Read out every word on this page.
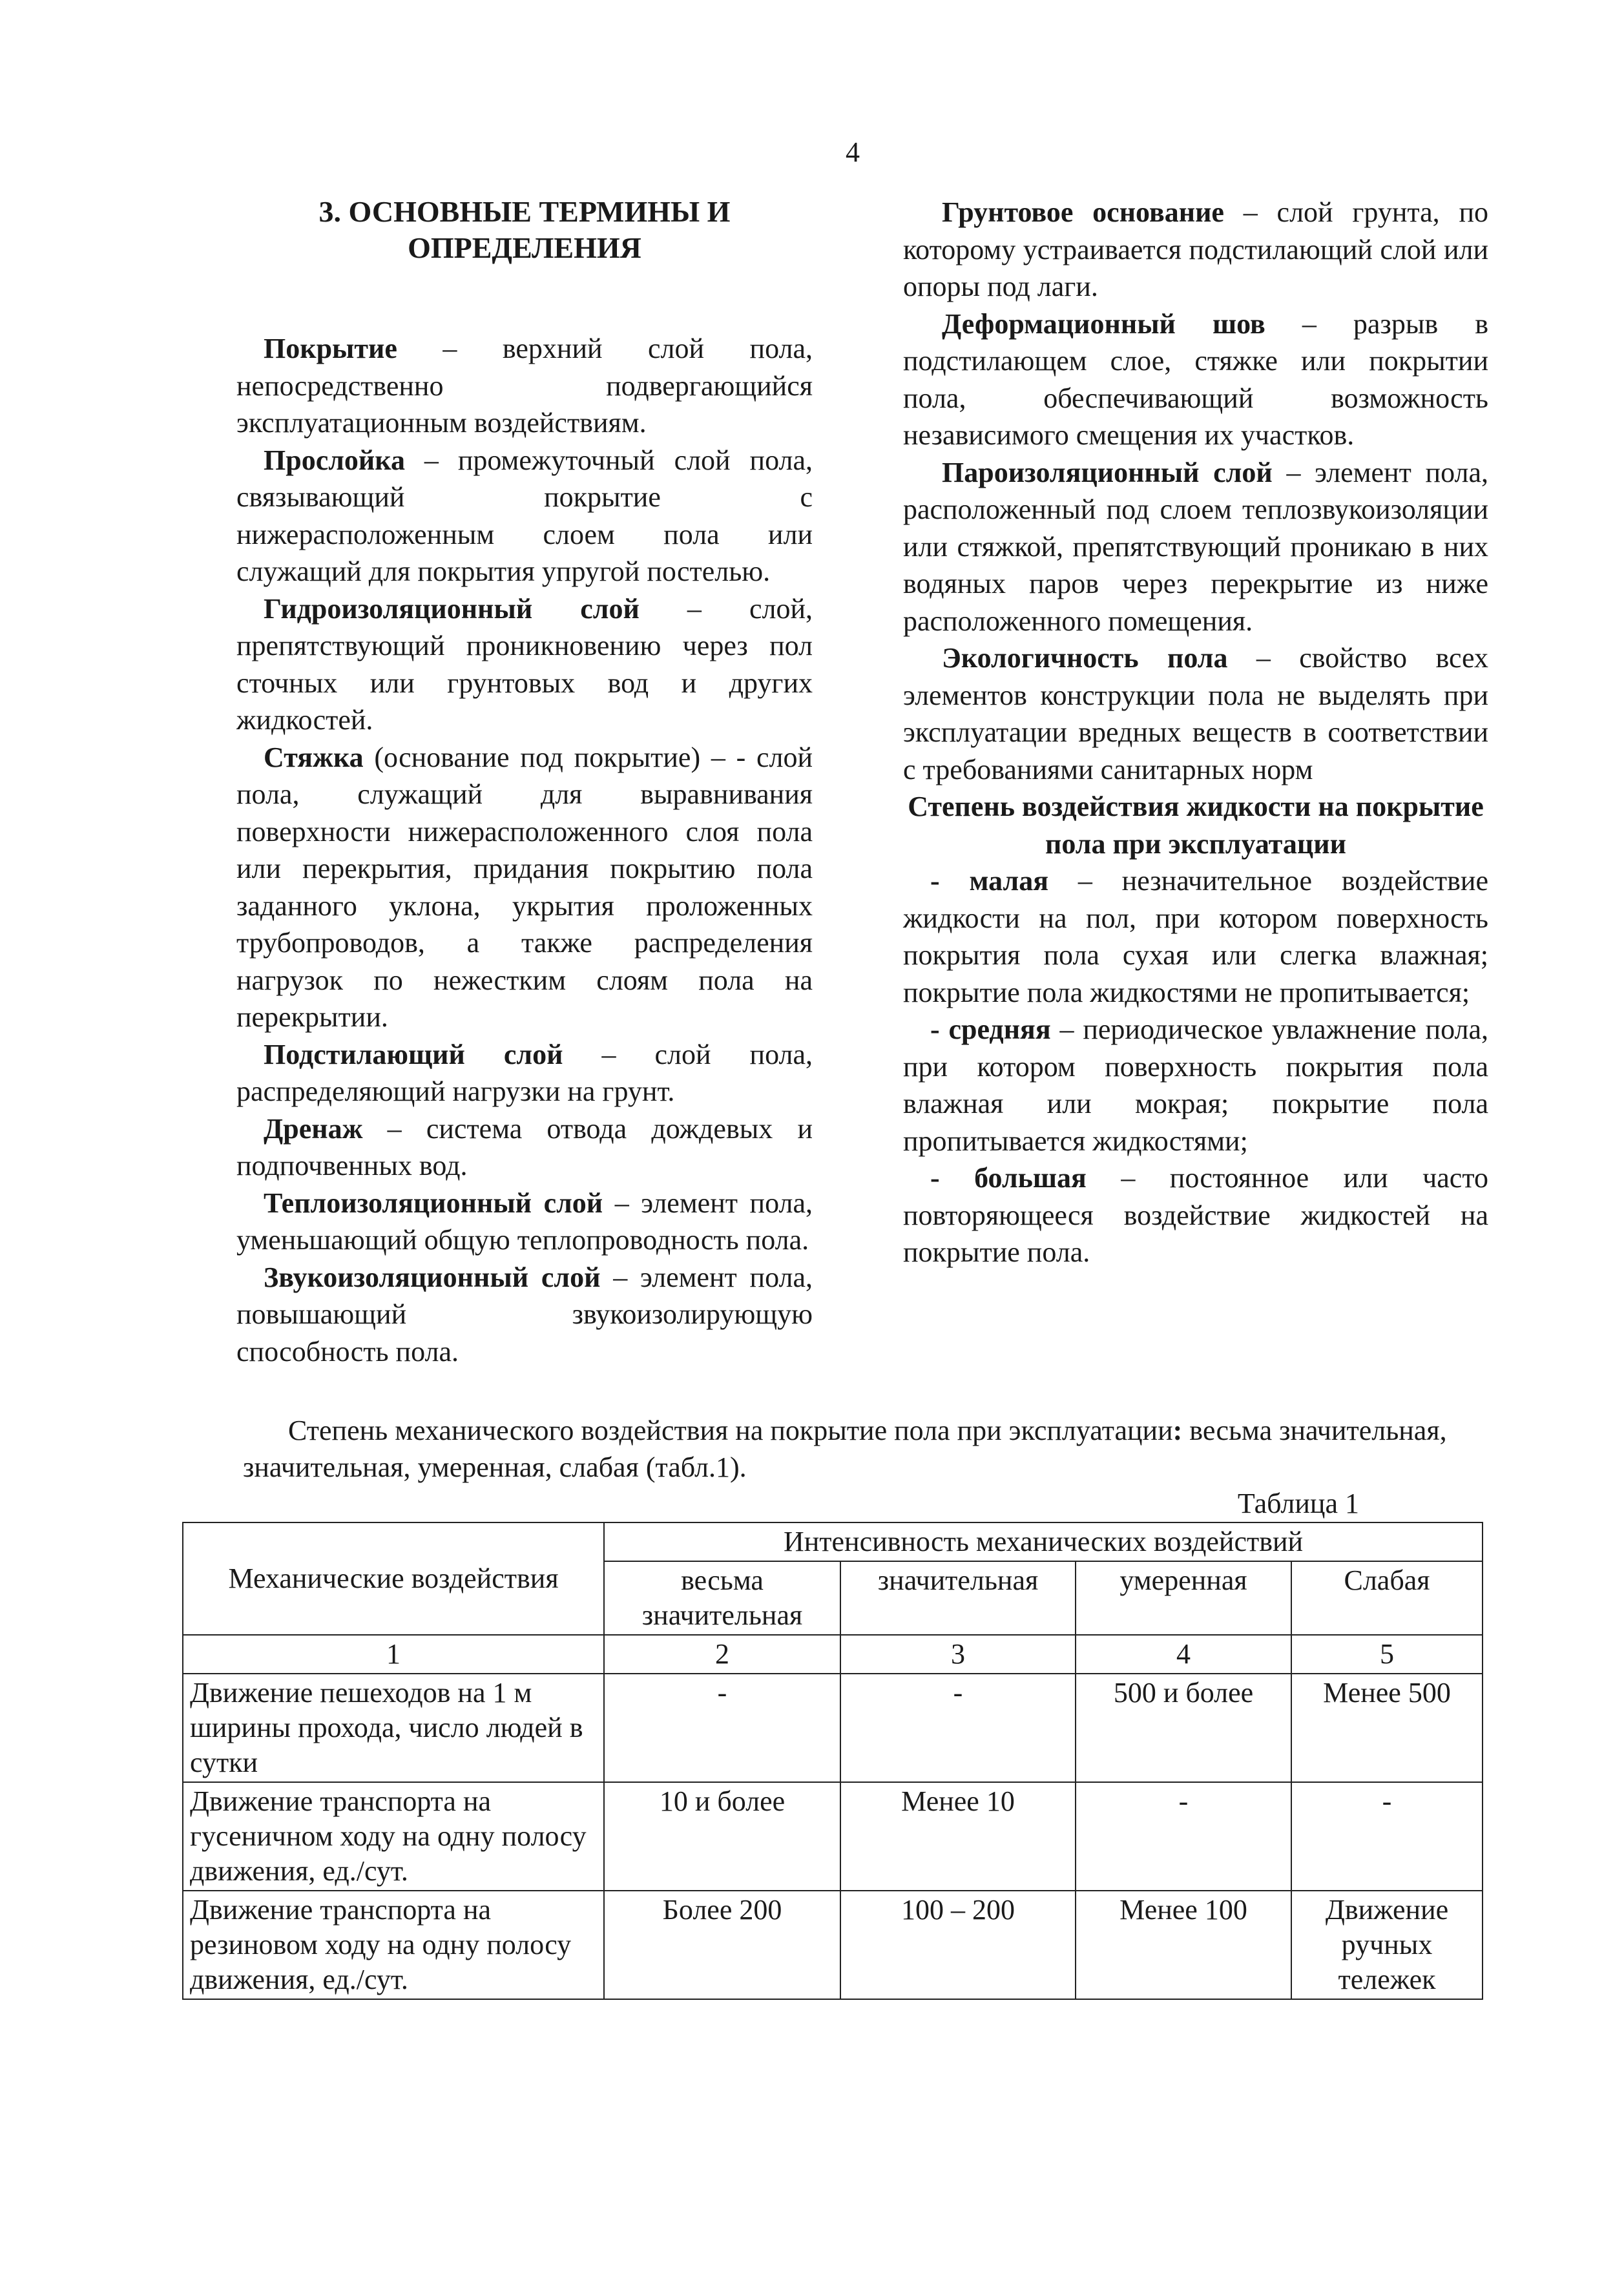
4

3. ОСНОВНЫЕ ТЕРМИНЫ И ОПРЕДЕЛЕНИЯ

Покрытие – верхний слой пола, непосредственно подвергающийся эксплуатационным воздействиям.

Прослойка – промежуточный слой пола, связывающий покрытие с нижерасположенным слоем пола или служащий для покрытия упругой постелью.

Гидроизоляционный слой – слой, препятствующий проникновению через пол сточных или грунтовых вод и других жидкостей.

Стяжка (основание под покрытие) – - слой пола, служащий для выравнивания поверхности нижерасположенного слоя пола или перекрытия, придания покрытию пола заданного уклона, укрытия проложенных трубопроводов, а также распределения нагрузок по нежестким слоям пола на перекрытии.

Подстилающий слой – слой пола, распределяющий нагрузки на грунт.

Дренаж – система отвода дождевых и подпочвенных вод.

Теплоизоляционный слой – элемент пола, уменьшающий общую теплопроводность пола.

Звукоизоляционный слой – элемент пола, повышающий звукоизолирующую способность пола.

Грунтовое основание – слой грунта, по которому устраивается подстилающий слой или опоры под лаги.

Деформационный шов – разрыв в подстилающем слое, стяжке или покрытии пола, обеспечивающий возможность независимого смещения их участков.

Пароизоляционный слой – элемент пола, расположенный под слоем теплозвукоизоляции или стяжкой, препятствующий проникаю в них водяных паров через перекрытие из ниже расположенного помещения.

Экологичность пола – свойство всех элементов конструкции пола не выделять при эксплуатации вредных веществ в соответствии с требованиями санитарных норм

Степень воздействия жидкости на покрытие пола при эксплуатации

- малая – незначительное воздействие жидкости на пол, при котором поверхность покрытия пола сухая или слегка влажная; покрытие пола жидкостями не пропитывается;

- средняя – периодическое увлажнение пола, при котором поверхность покрытия пола влажная или мокрая; покрытие пола пропитывается жидкостями;

- большая – постоянное или часто повторяющееся воздействие жидкостей на покрытие пола.

Степень механического воздействия на покрытие пола при эксплуатации: весьма значительная, значительная, умеренная, слабая (табл.1).

Таблица 1
Механические воздействия	Интенсивность механических воздействий			
	весьма значительная	значительная	умеренная	Слабая
1	2	3	4	5
Движение пешеходов на 1 м ширины прохода, число людей в сутки	-	-	500 и более	Менее 500
Движение транспорта на гусеничном ходу на одну полосу движения, ед./сут.	10 и более	Менее 10	-	-
Движение транспорта на резиновом ходу на одну полосу движения, ед./сут.	Более 200	100 – 200	Менее 100	Движение ручных тележек
